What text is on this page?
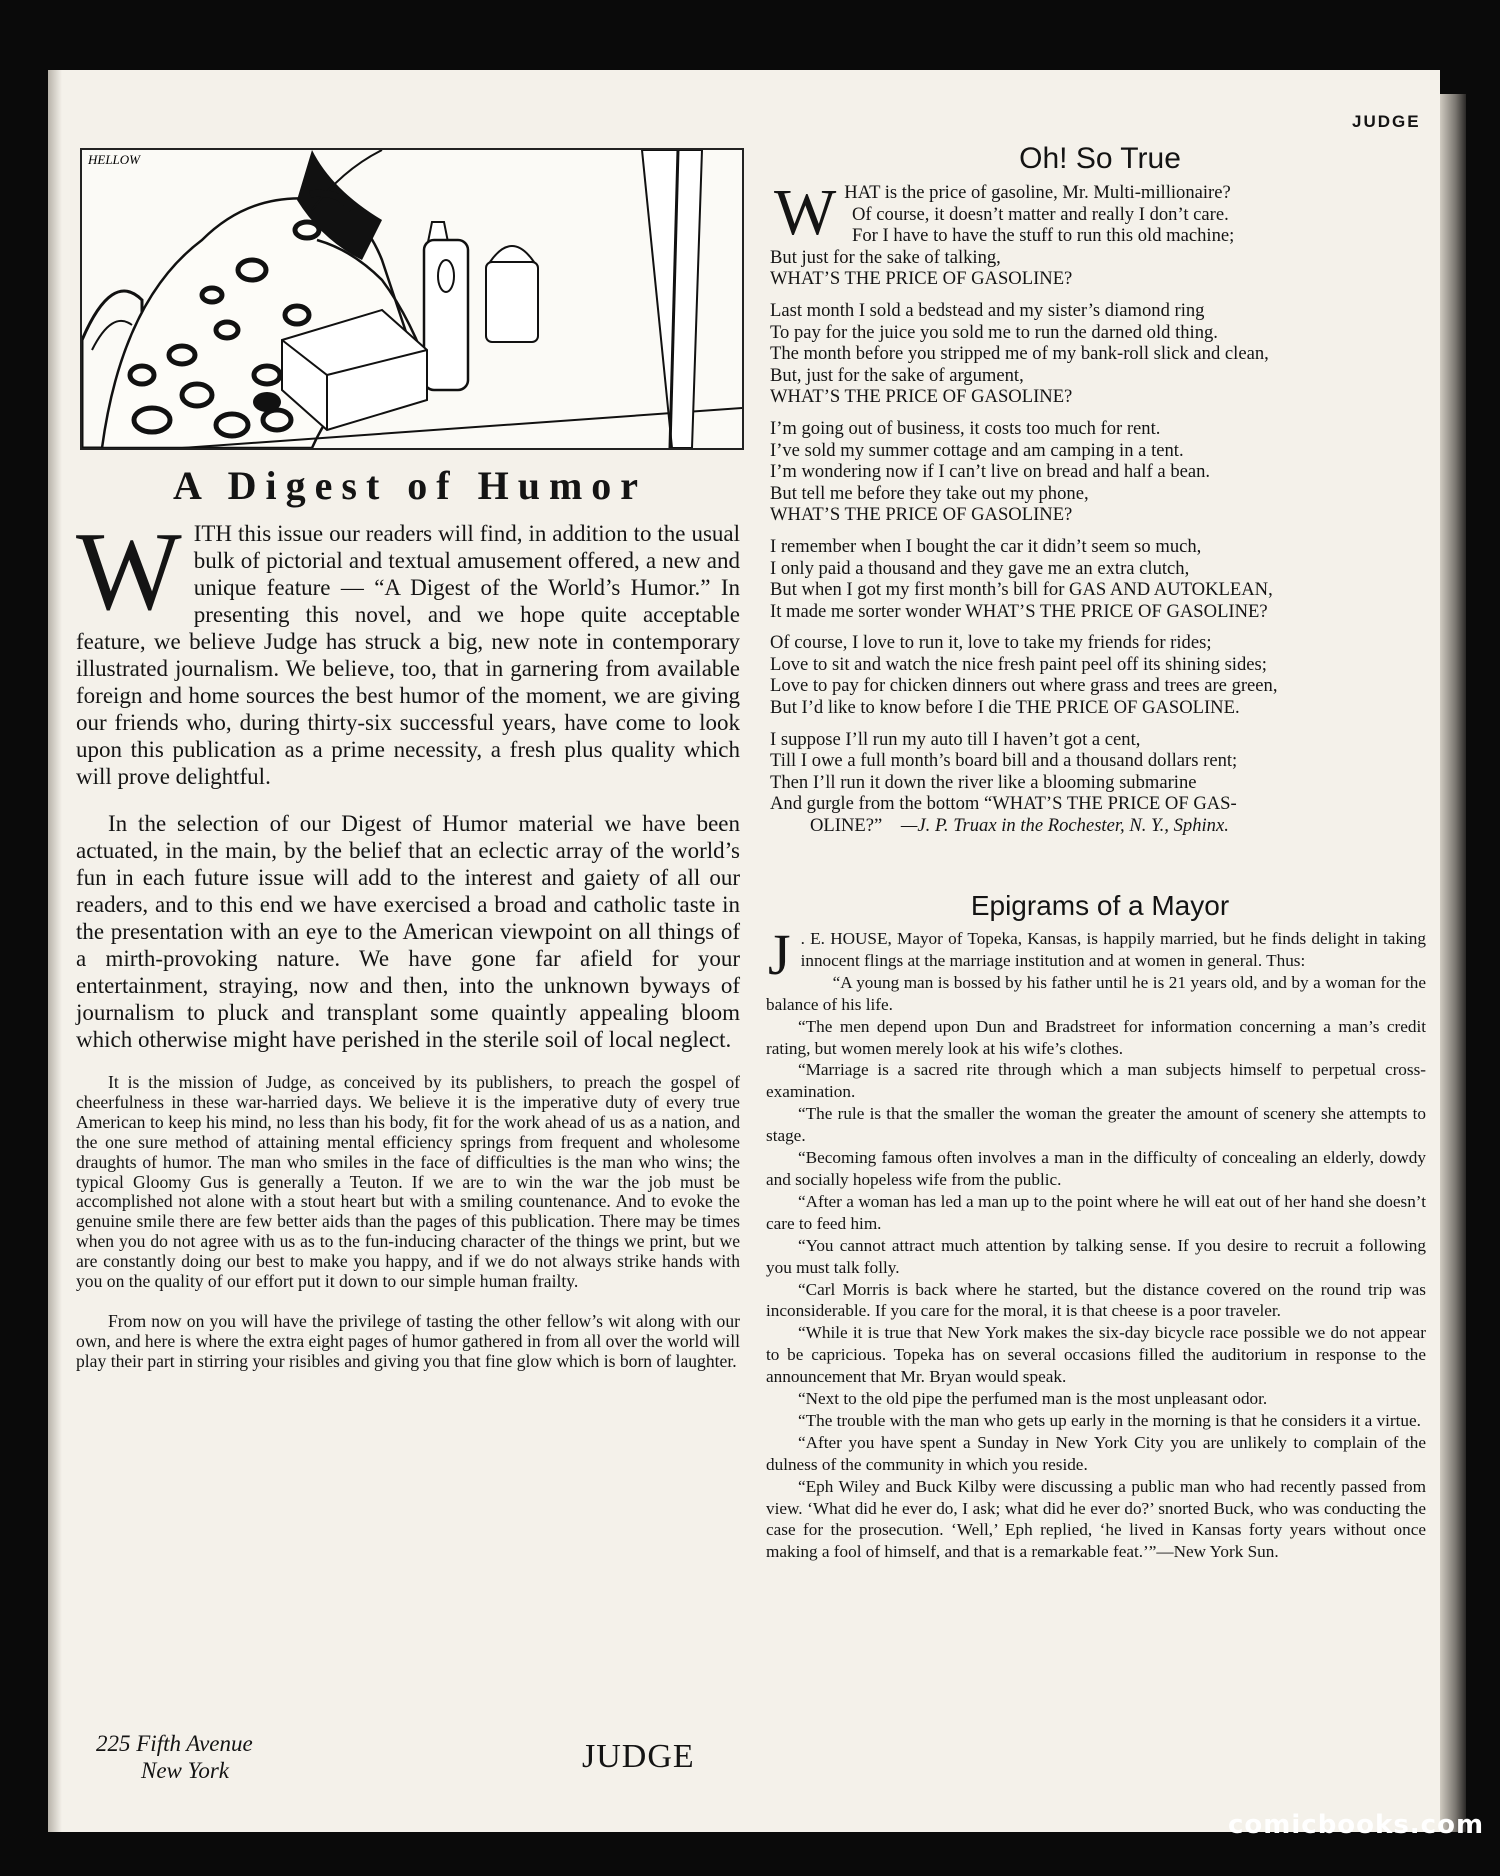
JUDGE
HELLOW
A Digest of Humor

W ITH this issue our readers will find, in addition to the usual bulk of pictorial and textual amusement offered, a new and unique feature — “A Digest of the World’s Humor.” In presenting this novel, and we hope quite acceptable feature, we believe Judge has struck a big, new note in contemporary illustrated journalism. We believe, too, that in garnering from available foreign and home sources the best humor of the moment, we are giving our friends who, during thirty-six successful years, have come to look upon this publication as a prime necessity, a fresh plus quality which will prove delightful.

In the selection of our Digest of Humor material we have been actuated, in the main, by the belief that an eclectic array of the world’s fun in each future issue will add to the interest and gaiety of all our readers, and to this end we have exercised a broad and catholic taste in the presentation with an eye to the American viewpoint on all things of a mirth-provoking nature. We have gone far afield for your entertainment, straying, now and then, into the unknown byways of journalism to pluck and transplant some quaintly appealing bloom which otherwise might have perished in the sterile soil of local neglect.

It is the mission of Judge, as conceived by its publishers, to preach the gospel of cheerfulness in these war-harried days. We believe it is the imperative duty of every true American to keep his mind, no less than his body, fit for the work ahead of us as a nation, and the one sure method of attaining mental efficiency springs from frequent and wholesome draughts of humor. The man who smiles in the face of difficulties is the man who wins; the typical Gloomy Gus is generally a Teuton. If we are to win the war the job must be accomplished not alone with a stout heart but with a smiling countenance. And to evoke the genuine smile there are few better aids than the pages of this publication. There may be times when you do not agree with us as to the fun-inducing character of the things we print, but we are constantly doing our best to make you happy, and if we do not always strike hands with you on the quality of our effort put it down to our simple human frailty.

From now on you will have the privilege of tasting the other fellow’s wit along with our own, and here is where the extra eight pages of humor gathered in from all over the world will play their part in stirring your risibles and giving you that fine glow which is born of laughter.

225 Fifth Avenue
New York	JUDGE
Oh! So True
W HAT is the price of gasoline, Mr. Multi-millionaire?
Of course, it doesn’t matter and really I don’t care.
For I have to have the stuff to run this old machine;
But just for the sake of talking,
WHAT’S THE PRICE OF GASOLINE?
Last month I sold a bedstead and my sister’s diamond ring
To pay for the juice you sold me to run the darned old thing.
The month before you stripped me of my bank-roll slick and clean,
But, just for the sake of argument,
WHAT’S THE PRICE OF GASOLINE?
I’m going out of business, it costs too much for rent.
I’ve sold my summer cottage and am camping in a tent.
I’m wondering now if I can’t live on bread and half a bean.
But tell me before they take out my phone,
WHAT’S THE PRICE OF GASOLINE?
I remember when I bought the car it didn’t seem so much,
I only paid a thousand and they gave me an extra clutch,
But when I got my first month’s bill for GAS AND AUTOKLEAN,
It made me sorter wonder WHAT’S THE PRICE OF GASOLINE?
Of course, I love to run it, love to take my friends for rides;
Love to sit and watch the nice fresh paint peel off its shining sides;
Love to pay for chicken dinners out where grass and trees are green,
But I’d like to know before I die THE PRICE OF GASOLINE.
I suppose I’ll run my auto till I haven’t got a cent,
Till I owe a full month’s board bill and a thousand dollars rent;
Then I’ll run it down the river like a blooming submarine
And gurgle from the bottom “WHAT’S THE PRICE OF GAS-
OLINE?” —J. P. Truax in the Rochester, N. Y., Sphinx.
Epigrams of a Mayor

J . E. HOUSE, Mayor of Topeka, Kansas, is happily married, but he finds delight in taking innocent flings at the marriage institution and at women in general. Thus:

“A young man is bossed by his father until he is 21 years old, and by a woman for the balance of his life.

“The men depend upon Dun and Bradstreet for information concerning a man’s credit rating, but women merely look at his wife’s clothes.

“Marriage is a sacred rite through which a man subjects himself to perpetual cross-examination.

“The rule is that the smaller the woman the greater the amount of scenery she attempts to stage.

“Becoming famous often involves a man in the difficulty of concealing an elderly, dowdy and socially hopeless wife from the public.

“After a woman has led a man up to the point where he will eat out of her hand she doesn’t care to feed him.

“You cannot attract much attention by talking sense. If you desire to recruit a following you must talk folly.

“Carl Morris is back where he started, but the distance covered on the round trip was inconsiderable. If you care for the moral, it is that cheese is a poor traveler.

“While it is true that New York makes the six-day bicycle race possible we do not appear to be capricious. Topeka has on several occasions filled the auditorium in response to the announcement that Mr. Bryan would speak.

“Next to the old pipe the perfumed man is the most unpleasant odor.

“The trouble with the man who gets up early in the morning is that he considers it a virtue.

“After you have spent a Sunday in New York City you are unlikely to complain of the dulness of the community in which you reside.

“Eph Wiley and Buck Kilby were discussing a public man who had recently passed from view. ‘What did he ever do, I ask; what did he ever do?’ snorted Buck, who was conducting the case for the prosecution. ‘Well,’ Eph replied, ‘he lived in Kansas forty years without once making a fool of himself, and that is a remarkable feat.’”—New York Sun.

comicbooks.com
